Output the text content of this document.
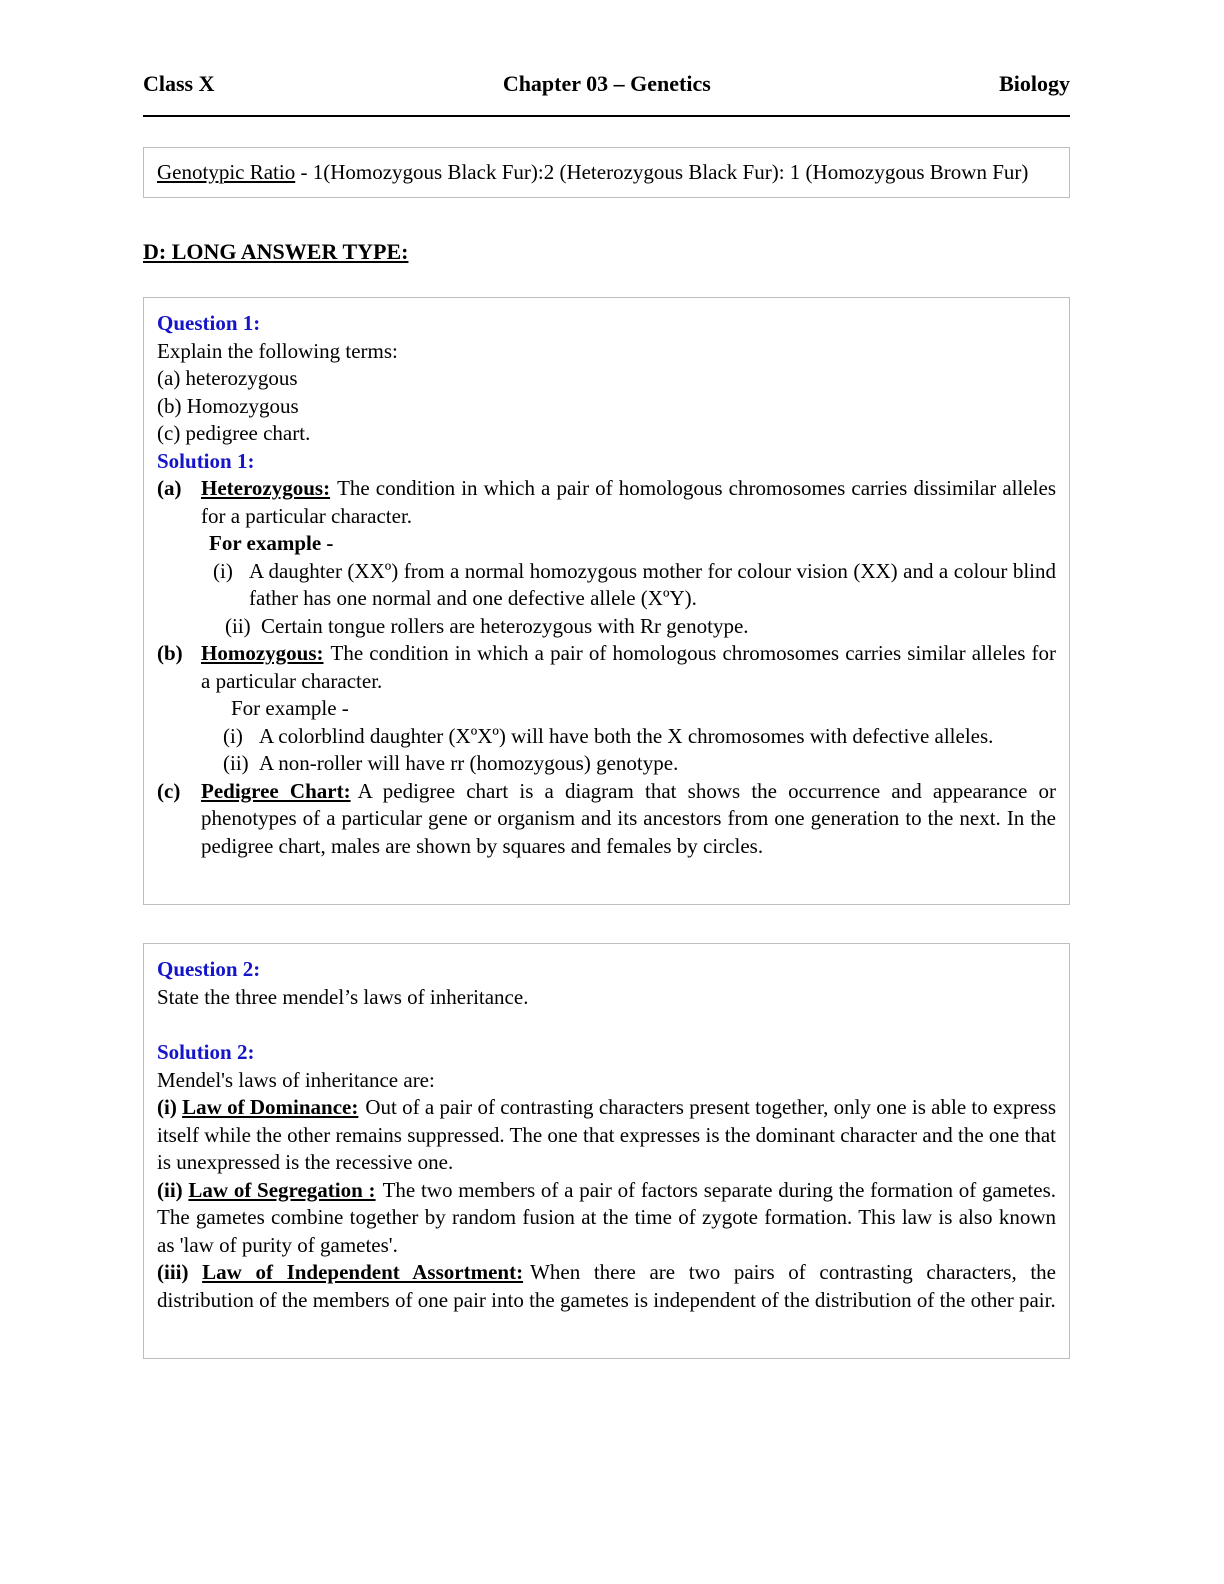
Class X	Chapter 03 – Genetics	Biology

Genotypic Ratio - 1(Homozygous Black Fur):2 (Heterozygous Black Fur): 1 (Homozygous Brown Fur)

D: LONG ANSWER TYPE:

Question 1:

Explain the following terms:

(a) heterozygous

(b) Homozygous

(c) pedigree chart.

Solution 1:

(a) Heterozygous: The condition in which a pair of homologous chromosomes carries dissimilar alleles for a particular character.

For example -

(i) A daughter (XXº) from a normal homozygous mother for colour vision (XX) and a colour blind father has one normal and one defective allele (XºY).
(ii) Certain tongue rollers are heterozygous with Rr genotype.
(b) Homozygous: The condition in which a pair of homologous chromosomes carries similar alleles for a particular character.

For example -

(i) A colorblind daughter (XºXº) will have both the X chromosomes with defective alleles.
(ii) A non-roller will have rr (homozygous) genotype.
(c) Pedigree Chart: A pedigree chart is a diagram that shows the occurrence and appearance or phenotypes of a particular gene or organism and its ancestors from one generation to the next. In the pedigree chart, males are shown by squares and females by circles.

Question 2:

State the three mendel’s laws of inheritance.

Solution 2:

Mendel's laws of inheritance are:

(i) Law of Dominance: Out of a pair of contrasting characters present together, only one is able to express itself while the other remains suppressed. The one that expresses is the dominant character and the one that is unexpressed is the recessive one.

(ii) Law of Segregation : The two members of a pair of factors separate during the formation of gametes. The gametes combine together by random fusion at the time of zygote formation. This law is also known as 'law of purity of gametes'.

(iii) Law of Independent Assortment: When there are two pairs of contrasting characters, the distribution of the members of one pair into the gametes is independent of the distribution of the other pair.
